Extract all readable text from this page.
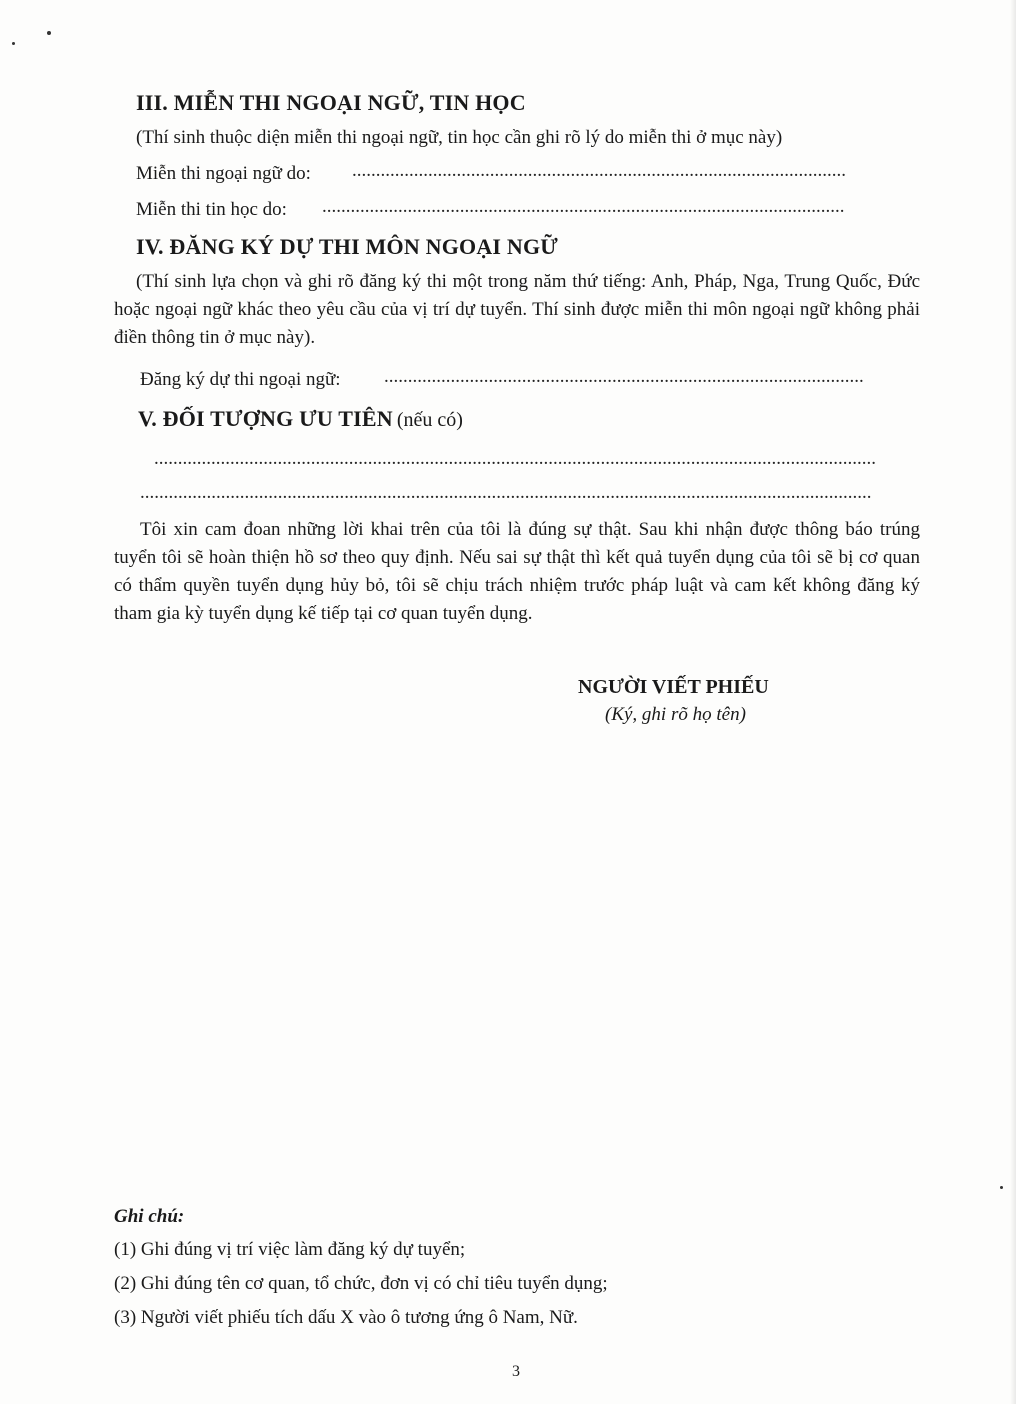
III. MIỄN THI NGOẠI NGỮ, TIN HỌC
(Thí sinh thuộc diện miễn thi ngoại ngữ, tin học cần ghi rõ lý do miễn thi ở mục này)
Miễn thi ngoại ngữ do: ........................................................................................................
Miễn thi tin học do: ..............................................................................................................
IV. ĐĂNG KÝ DỰ THI MÔN NGOẠI NGỮ
(Thí sinh lựa chọn và ghi rõ đăng ký thi một trong năm thứ tiếng: Anh, Pháp, Nga, Trung Quốc, Đức hoặc ngoại ngữ khác theo yêu cầu của vị trí dự tuyển. Thí sinh được miễn thi môn ngoại ngữ không phải điền thông tin ở mục này).
Đăng ký dự thi ngoại ngữ: .....................................................................................................
V. ĐỐI TƯỢNG ƯU TIÊN (nếu có)
........................................................................................................................................................
..........................................................................................................................................................
Tôi xin cam đoan những lời khai trên của tôi là đúng sự thật. Sau khi nhận được thông báo trúng tuyển tôi sẽ hoàn thiện hồ sơ theo quy định. Nếu sai sự thật thì kết quả tuyển dụng của tôi sẽ bị cơ quan có thẩm quyền tuyển dụng hủy bỏ, tôi sẽ chịu trách nhiệm trước pháp luật và cam kết không đăng ký tham gia kỳ tuyển dụng kế tiếp tại cơ quan tuyển dụng.
NGƯỜI VIẾT PHIẾU
(Ký, ghi rõ họ tên)
Ghi chú:
(1) Ghi đúng vị trí việc làm đăng ký dự tuyển;
(2) Ghi đúng tên cơ quan, tổ chức, đơn vị có chỉ tiêu tuyển dụng;
(3) Người viết phiếu tích dấu X vào ô tương ứng ô Nam, Nữ.
3
